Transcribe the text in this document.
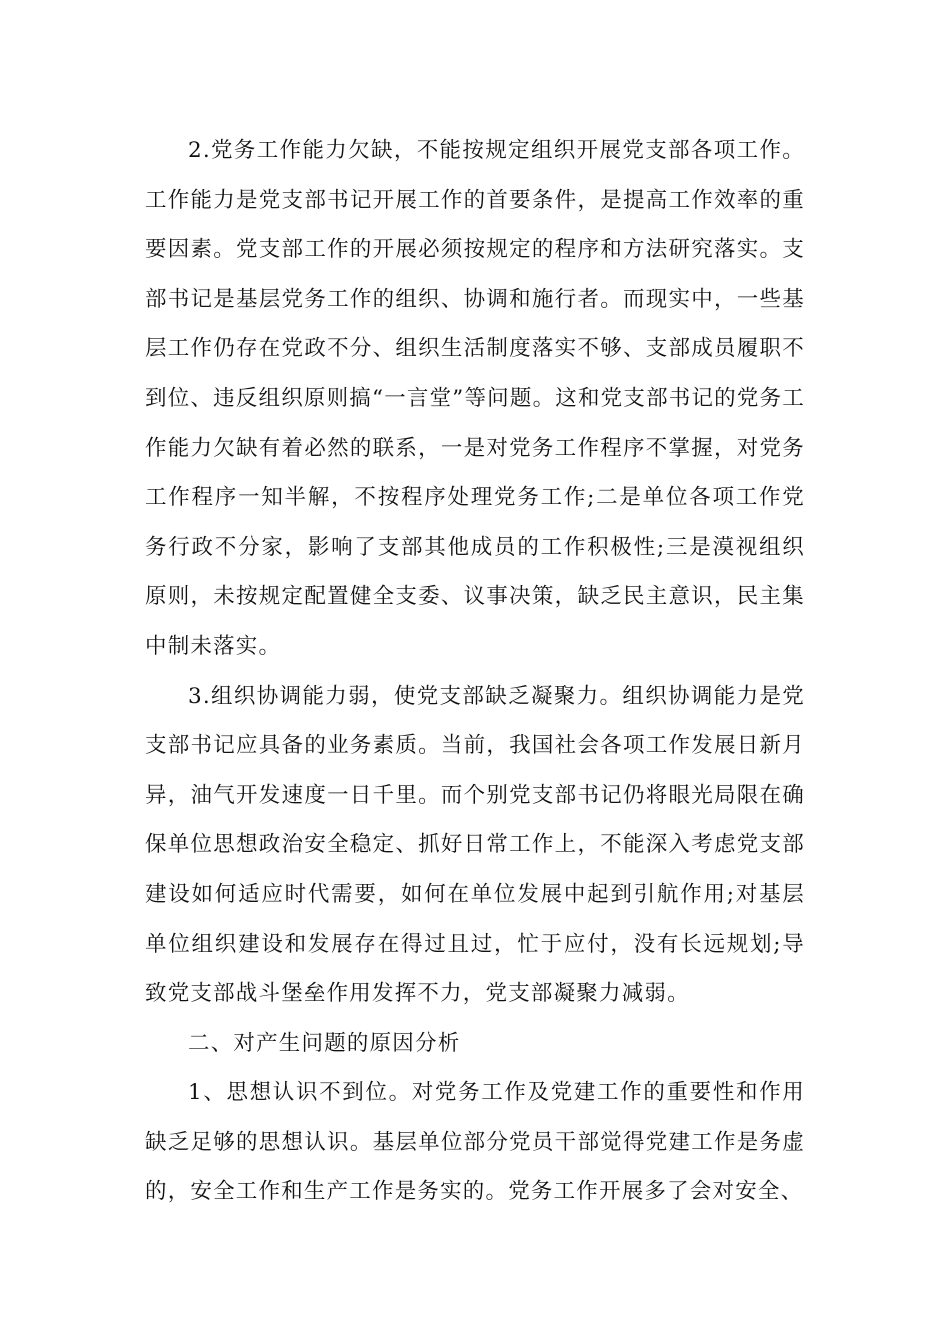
2.党务工作能力欠缺，不能按规定组织开展党支部各项工作。工作能力是党支部书记开展工作的首要条件，是提高工作效率的重要因素。党支部工作的开展必须按规定的程序和方法研究落实。支部书记是基层党务工作的组织、协调和施行者。而现实中，一些基层工作仍存在党政不分、组织生活制度落实不够、支部成员履职不到位、违反组织原则搞“一言堂”等问题。这和党支部书记的党务工作能力欠缺有着必然的联系，一是对党务工作程序不掌握，对党务工作程序一知半解，不按程序处理党务工作;二是单位各项工作党务行政不分家，影响了支部其他成员的工作积极性;三是漠视组织原则，未按规定配置健全支委、议事决策，缺乏民主意识，民主集中制未落实。

3.组织协调能力弱，使党支部缺乏凝聚力。组织协调能力是党支部书记应具备的业务素质。当前，我国社会各项工作发展日新月异，油气开发速度一日千里。而个别党支部书记仍将眼光局限在确保单位思想政治安全稳定、抓好日常工作上，不能深入考虑党支部建设如何适应时代需要，如何在单位发展中起到引航作用;对基层单位组织建设和发展存在得过且过，忙于应付，没有长远规划;导致党支部战斗堡垒作用发挥不力，党支部凝聚力减弱。

二、对产生问题的原因分析

1、思想认识不到位。对党务工作及党建工作的重要性和作用缺乏足够的思想认识。基层单位部分党员干部觉得党建工作是务虚的，安全工作和生产工作是务实的。党务工作开展多了会对安全、
